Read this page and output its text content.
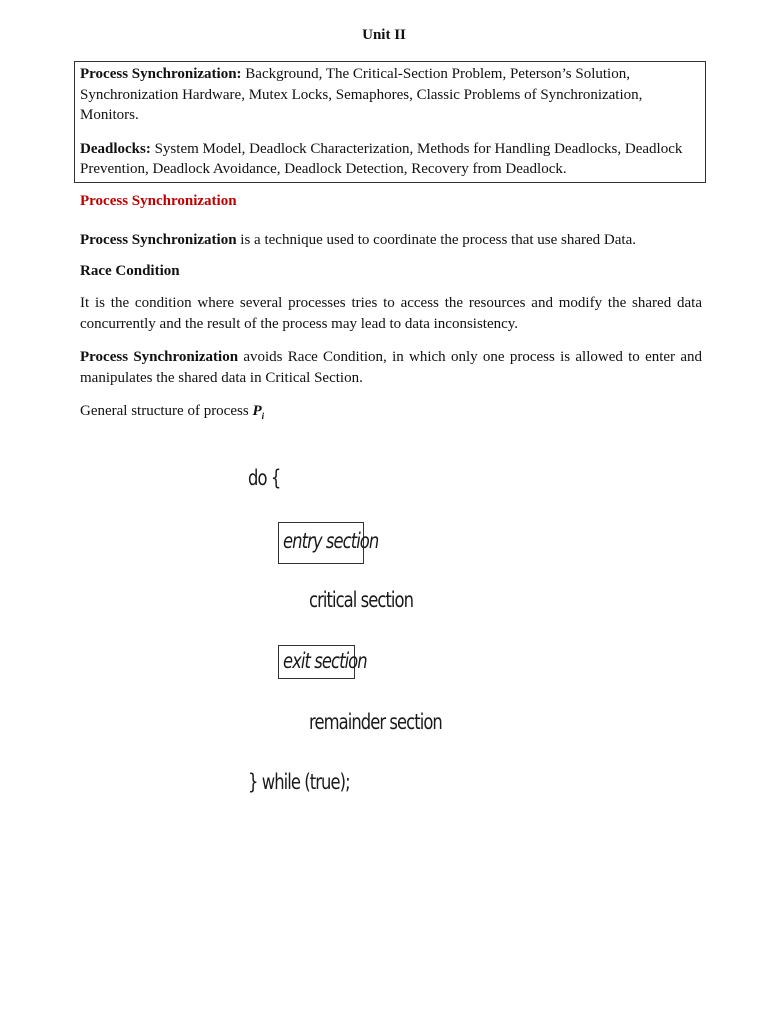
Unit II

Process Synchronization: Background, The Critical-Section Problem, Peterson’s Solution, Synchronization Hardware, Mutex Locks, Semaphores, Classic Problems of Synchronization, Monitors.

Deadlocks: System Model, Deadlock Characterization, Methods for Handling Deadlocks, Deadlock Prevention, Deadlock Avoidance, Deadlock Detection, Recovery from Deadlock.

Process Synchronization

Process Synchronization is a technique used to coordinate the process that use shared Data.

Race Condition

It is the condition where several processes tries to access the resources and modify the shared data concurrently and the result of the process may lead to data inconsistency.

Process Synchronization avoids Race Condition, in which only one process is allowed to enter and manipulates the shared data in Critical Section.

General structure of process $P_i$

do {
entry section
critical section
exit section
remainder section
} while (true);
